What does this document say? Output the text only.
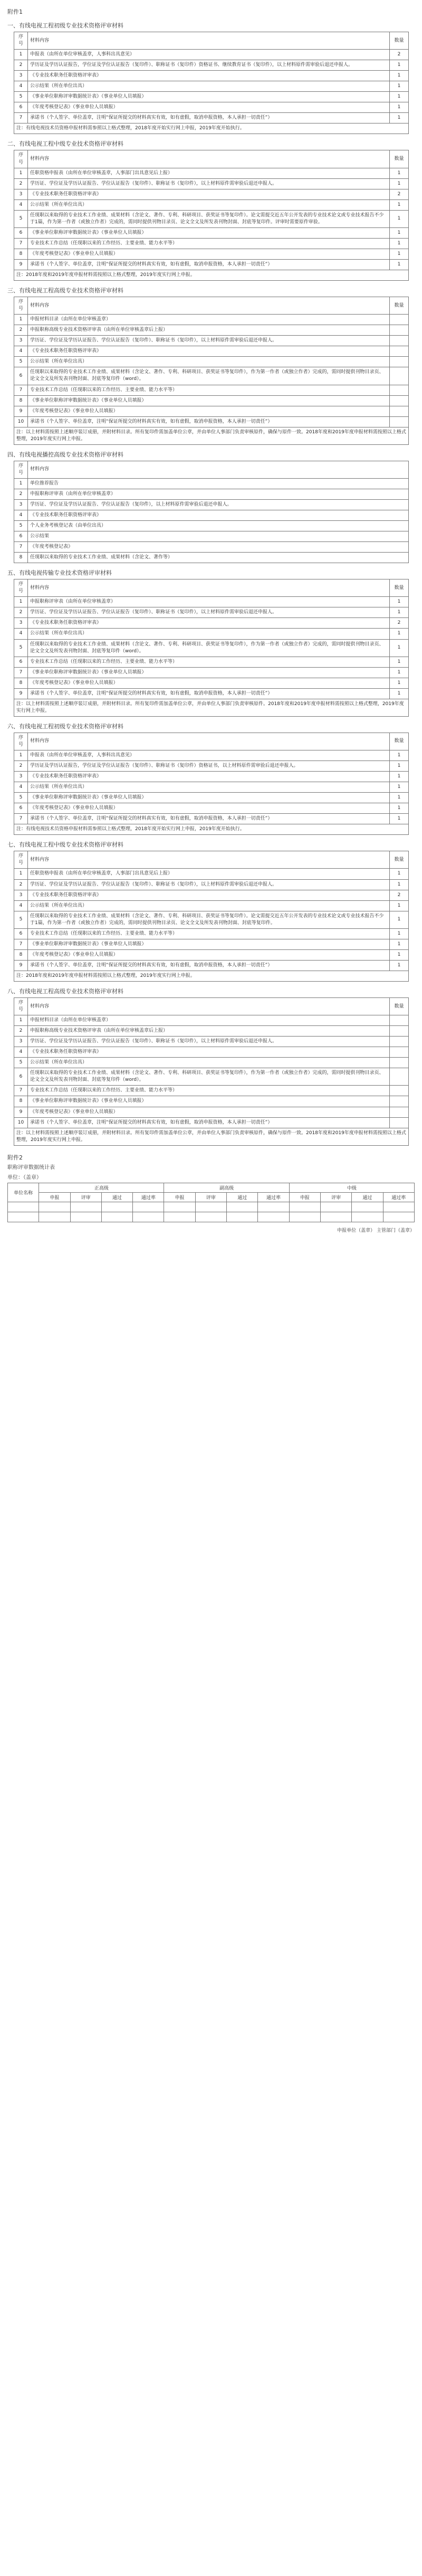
附件1
一、有线电视工程初级专业技术资格评审材料
序号	材料内容	数量
1	申报表（由所在单位审核盖章，人事科出具意见）	2
2	学历证及学历认证报告，学位证及学位认证报告（复印件）、职称证书（复印件）资格证书、继续教育证书（复印件），以上材料原件需审验后退还申报人。	1
3	《专业技术职务任职资格评审表》	1
4	公示结果（所在单位出具）	1
5	《事业单位职称评审数据统计表》（事业单位人员填报）	1
6	《年度考核登记表》（事业单位人员填报）	1
7	承诺书（个人签字、单位盖章，注明“保证所提交的材料真实有效，如有虚假，取消申报资格，本人承担一切责任”）	1
注：有线电视技术员资格申报材料需参照以上格式整理，2018年度开始实行网上申报，2019年度开始执行。		
二、有线电视工程中级专业技术资格评审材料
序号	材料内容	数量
1	任职资格申报表（由所在单位审核盖章，人事部门出具意见后上报）	1
2	学历证、学位证及学历认证报告、学位认证报告（复印件）、职称证书（复印件），以上材料原件需审验后退还申报人。	1
3	《专业技术职务任职资格评审表》	2
4	公示结果（所在单位出具）	1
5	任现职以来取得的专业技术工作业绩、成果材料（含论文、著作、专利、科研项目、获奖证书等复印件）。论文需提交近五年公开发表的专业技术论文或专业技术报告不少于1篇，作为第一作者（或独立作者）完成的，需同时提供刊物目录页、论文全文及所发表刊物封面、封底等复印件。评审时需要原件审验。	1
6	《事业单位职称评审数据统计表》（事业单位人员填报）	1
7	专业技术工作总结（任现职以来的工作经历、主要业绩、能力水平等）	1
8	《年度考核登记表》（事业单位人员填报）	1
9	承诺书（个人签字、单位盖章，注明“保证所提交的材料真实有效，如有虚假，取消申报资格，本人承担一切责任”）	1
注：2018年度和2019年度申报材料需按照以上格式整理，2019年度实行网上申报。		
三、有线电视工程高级专业技术资格评审材料
序号	材料内容	数量
1	申报材料目录（由所在单位审核盖章）	
2	申报职称高级专业技术资格评审表（由所在单位审核盖章后上报）	
3	学历证、学位证及学历认证报告、学位认证报告（复印件）、职称证书（复印件），以上材料原件需审验后退还申报人。	
4	《专业技术职务任职资格评审表》	
5	公示结果（所在单位出具）	
6	任现职以来取得的专业技术工作业绩、成果材料（含论文、著作、专利、科研项目、获奖证书等复印件），作为第一作者（或独立作者）完成的，需同时提供刊物目录页、论文全文及所发表刊物封面、封底等复印件（word）。	
7	专业技术工作总结（任现职以来的工作经历、主要业绩、能力水平等）	
8	《事业单位职称评审数据统计表》（事业单位人员填报）	
9	《年度考核登记表》（事业单位人员填报）	
10	承诺书（个人签字、单位盖章，注明“保证所提交的材料真实有效，如有虚假，取消申报资格，本人承担一切责任”）	
注：以上材料需按照上述顺序装订成册，并附材料目录。所有复印件需加盖单位公章，并由单位人事部门负责审核原件，确保与原件一致。2018年度和2019年度申报材料需按照以上格式整理，2019年度实行网上申报。		
四、有线电视播控高级专业技术资格评审材料
序号	材料内容
1	单位推荐报告
2	申报职称评审表（由所在单位审核盖章）
3	学历证、学位证及学历认证报告、学位认证报告（复印件），以上材料原件需审验后退还申报人。
4	《专业技术职务任职资格评审表》
5	个人业务考核登记表（由单位出具）
6	公示结果
7	《年度考核登记表》
8	任现职以来取得的专业技术工作业绩、成果材料（含论文、著作等）
五、有线电视传输专业技术资格评审材料
序号	材料内容	数量
1	申报职称评审表（由所在单位审核盖章）	1
2	学历证、学位证及学历认证报告、学位认证报告（复印件）、职称证书（复印件），以上材料原件需审验后退还申报人。	1
3	《专业技术职务任职资格评审表》	2
4	公示结果（所在单位出具）	1
5	任现职以来取得的专业技术工作业绩、成果材料（含论文、著作、专利、科研项目、获奖证书等复印件），作为第一作者（或独立作者）完成的，需同时提供刊物目录页、论文全文及所发表刊物封面、封底等复印件（word）。	1
6	专业技术工作总结（任现职以来的工作经历、主要业绩、能力水平等）	1
7	《事业单位职称评审数据统计表》（事业单位人员填报）	1
8	《年度考核登记表》（事业单位人员填报）	1
9	承诺书（个人签字、单位盖章，注明“保证所提交的材料真实有效，如有虚假，取消申报资格，本人承担一切责任”）	1
注：以上材料需按照上述顺序装订成册，并附材料目录。所有复印件需加盖单位公章，并由单位人事部门负责审核原件。2018年度和2019年度申报材料需按照以上格式整理，2019年度实行网上申报。		
六、有线电视工程初级专业技术资格评审材料
序号	材料内容	数量
1	申报表（由所在单位审核盖章，人事科出具意见）	1
2	学历证及学历认证报告，学位证及学位认证报告（复印件）、职称证书（复印件）资格证书，以上材料原件需审验后退还申报人。	1
3	《专业技术职务任职资格评审表》	1
4	公示结果（所在单位出具）	1
5	《事业单位职称评审数据统计表》（事业单位人员填报）	1
6	《年度考核登记表》（事业单位人员填报）	1
7	承诺书（个人签字、单位盖章，注明“保证所提交的材料真实有效，如有虚假，取消申报资格，本人承担一切责任”）	1
注：有线电视技术员资格申报材料需参照以上格式整理，2018年度开始实行网上申报，2019年度开始执行。		
七、有线电视工程中级专业技术资格评审材料
序号	材料内容	数量
1	任职资格申报表（由所在单位审核盖章，人事部门出具意见后上报）	1
2	学历证、学位证及学历认证报告、学位认证报告（复印件）、职称证书（复印件），以上材料原件需审验后退还申报人。	1
3	《专业技术职务任职资格评审表》	2
4	公示结果（所在单位出具）	1
5	任现职以来取得的专业技术工作业绩、成果材料（含论文、著作、专利、科研项目、获奖证书等复印件）。论文需提交近五年公开发表的专业技术论文或专业技术报告不少于1篇，作为第一作者（或独立作者）完成的，需同时提供刊物目录页、论文全文及所发表刊物封面、封底等复印件。	1
6	专业技术工作总结（任现职以来的工作经历、主要业绩、能力水平等）	1
7	《事业单位职称评审数据统计表》（事业单位人员填报）	1
8	《年度考核登记表》（事业单位人员填报）	1
9	承诺书（个人签字、单位盖章，注明“保证所提交的材料真实有效，如有虚假，取消申报资格，本人承担一切责任”）	1
注：2018年度和2019年度申报材料需按照以上格式整理，2019年度实行网上申报。		
八、有线电视工程高级专业技术资格评审材料
序号	材料内容	数量
1	申报材料目录（由所在单位审核盖章）	
2	申报职称高级专业技术资格评审表（由所在单位审核盖章后上报）	
3	学历证、学位证及学历认证报告、学位认证报告（复印件）、职称证书（复印件），以上材料原件需审验后退还申报人。	
4	《专业技术职务任职资格评审表》	
5	公示结果（所在单位出具）	
6	任现职以来取得的专业技术工作业绩、成果材料（含论文、著作、专利、科研项目、获奖证书等复印件），作为第一作者（或独立作者）完成的，需同时提供刊物目录页、论文全文及所发表刊物封面、封底等复印件（word）。	
7	专业技术工作总结（任现职以来的工作经历、主要业绩、能力水平等）	
8	《事业单位职称评审数据统计表》（事业单位人员填报）	
9	《年度考核登记表》（事业单位人员填报）	
10	承诺书（个人签字、单位盖章，注明“保证所提交的材料真实有效，如有虚假，取消申报资格，本人承担一切责任”）	
注：以上材料需按照上述顺序装订成册，并附材料目录。所有复印件需加盖单位公章，并由单位人事部门负责审核原件，确保与原件一致。2018年度和2019年度申报材料需按照以上格式整理，2019年度实行网上申报。		
附件2
职称评审数据统计表
单位：（盖章）
单位名称	正高级				副高级				中级			
	申报	评审	通过	通过率	申报	评审	通过	通过率	申报	评审	通过	通过率

申报单位（盖章） 主管部门（盖章）
